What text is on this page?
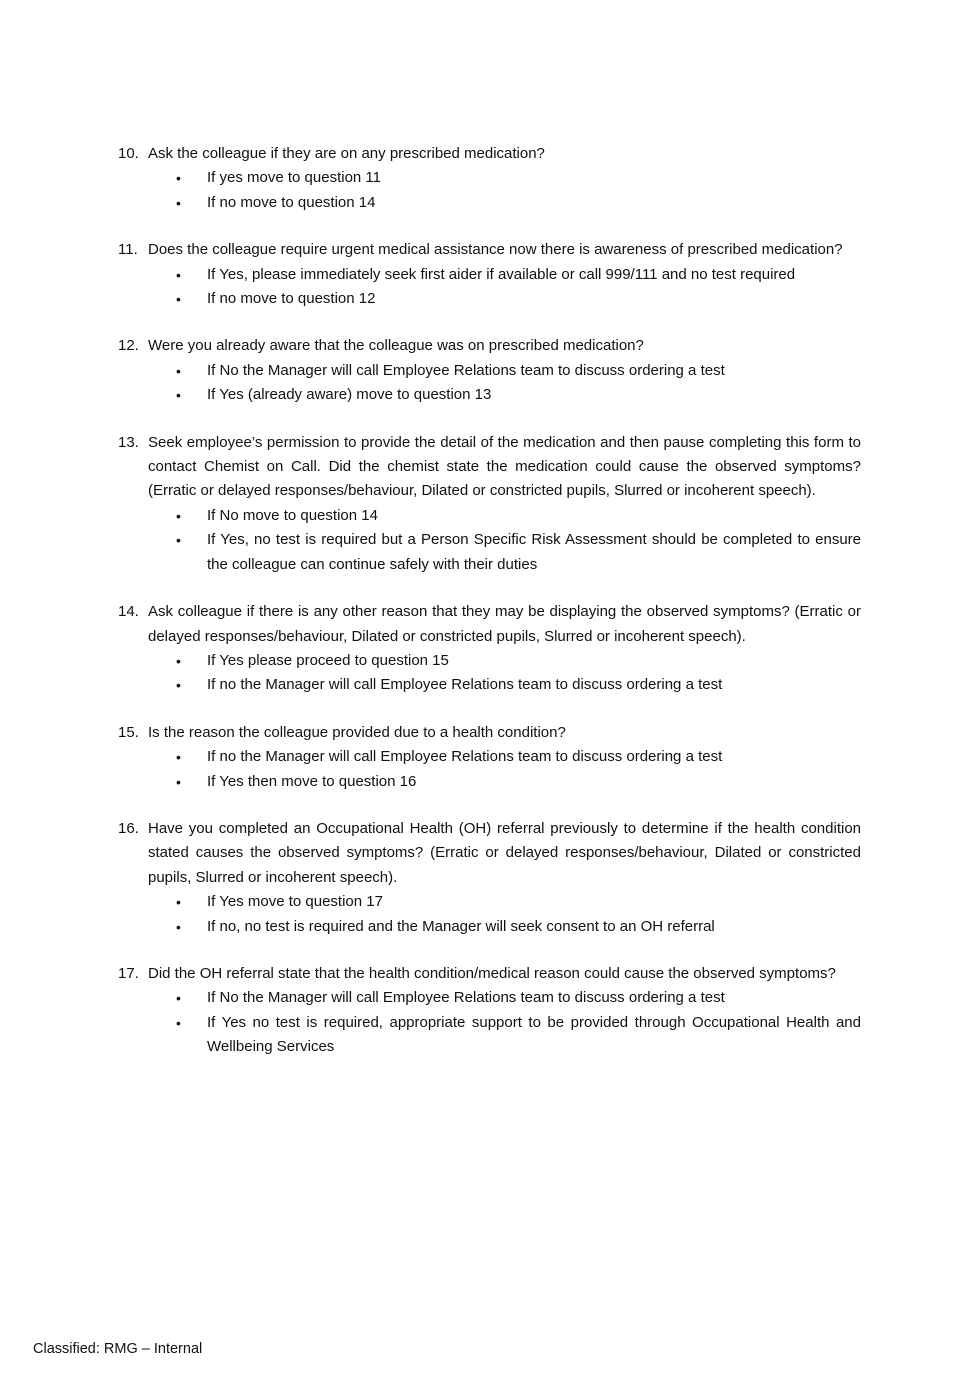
10. Ask the colleague if they are on any prescribed medication?
• If yes move to question 11
• If no move to question 14
11. Does the colleague require urgent medical assistance now there is awareness of prescribed medication?
• If Yes, please immediately seek first aider if available or call 999/111 and no test required
• If no move to question 12
12. Were you already aware that the colleague was on prescribed medication?
• If No the Manager will call Employee Relations team to discuss ordering a test
• If Yes (already aware) move to question 13
13. Seek employee’s permission to provide the detail of the medication and then pause completing this form to contact Chemist on Call. Did the chemist state the medication could cause the observed symptoms? (Erratic or delayed responses/behaviour, Dilated or constricted pupils, Slurred or incoherent speech).
• If No move to question 14
• If Yes, no test is required but a Person Specific Risk Assessment should be completed to ensure the colleague can continue safely with their duties
14. Ask colleague if there is any other reason that they may be displaying the observed symptoms? (Erratic or delayed responses/behaviour, Dilated or constricted pupils, Slurred or incoherent speech).
• If Yes please proceed to question 15
• If no the Manager will call Employee Relations team to discuss ordering a test
15. Is the reason the colleague provided due to a health condition?
• If no the Manager will call Employee Relations team to discuss ordering a test
• If Yes then move to question 16
16. Have you completed an Occupational Health (OH) referral previously to determine if the health condition stated causes the observed symptoms? (Erratic or delayed responses/behaviour, Dilated or constricted pupils, Slurred or incoherent speech).
• If Yes move to question 17
• If no, no test is required and the Manager will seek consent to an OH referral
17. Did the OH referral state that the health condition/medical reason could cause the observed symptoms?
• If No the Manager will call Employee Relations team to discuss ordering a test
• If Yes no test is required, appropriate support to be provided through Occupational Health and Wellbeing Services
Classified: RMG – Internal
